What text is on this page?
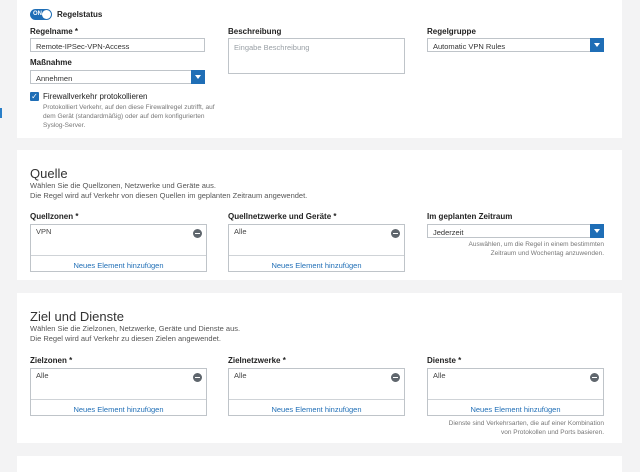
ON Regelstatus
Regelname *
Remote-IPSec-VPN-Access
Beschreibung
Eingabe Beschreibung
Regelgruppe
Automatic VPN Rules
Maßnahme
Annehmen
✓ Firewallverkehr protokollieren
Protokolliert Verkehr, auf den diese Firewallregel zutrifft, auf
dem Gerät (standardmäßig) oder auf dem konfigurierten
Syslog-Server.
Quelle
Wählen Sie die Quellzonen, Netzwerke und Geräte aus.
Die Regel wird auf Verkehr von diesen Quellen im geplanten Zeitraum angewendet.
Quellzonen *
VPN
Neues Element hinzufügen
Quellnetzwerke und Geräte *
Alle
Neues Element hinzufügen
Im geplanten Zeitraum
Jederzeit
Auswählen, um die Regel in einem bestimmten
Zeitraum und Wochentag anzuwenden.
Ziel und Dienste
Wählen Sie die Zielzonen, Netzwerke, Geräte und Dienste aus.
Die Regel wird auf Verkehr zu diesen Zielen angewendet.
Zielzonen *
Alle
Neues Element hinzufügen
Zielnetzwerke *
Alle
Neues Element hinzufügen
Dienste *
Alle
Neues Element hinzufügen
Dienste sind Verkehrsarten, die auf einer Kombination
von Protokollen und Ports basieren.
